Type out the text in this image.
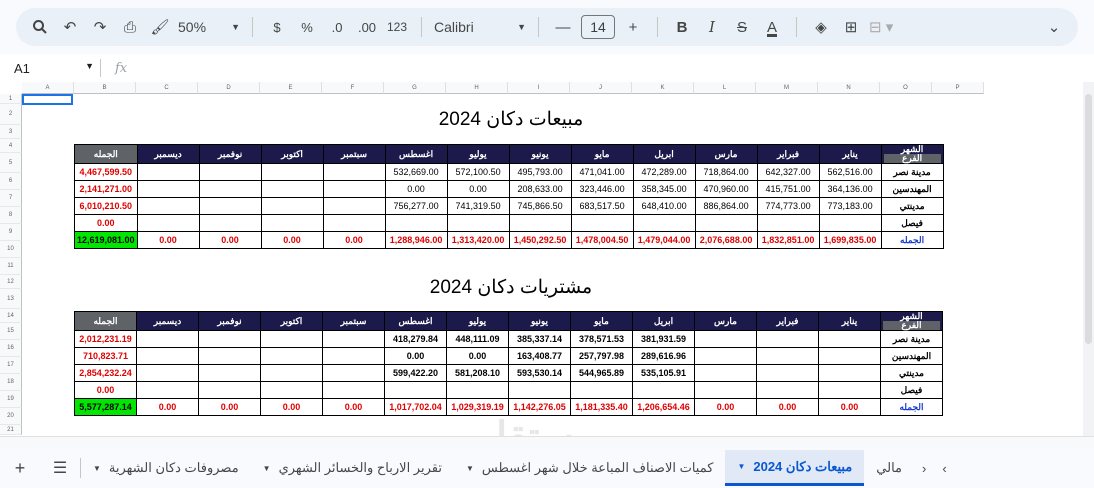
↶	↷	⎙ 🖌 50%	▼	$	%	.0	.00 123 Calibri	▼	—	14	+	B	I	S	A	◈	⊞ ⊟ ▾	⌄
A1	▼ fx
مبيعات دكان 2024
الجمله	ديسمبر	نوفمبر	اكتوبر	سبتمبر	اغسطس	يوليو	يونيو	مايو	ابريل	مارس	فبراير	يناير	الشهر
الفرع

4,467,599.50					532,669.00	572,100.50	495,793.00	471,041.00	472,289.00	718,864.00	642,327.00	562,516.00	مدينة نصر
2,141,271.00					0.00	0.00	208,633.00	323,446.00	358,345.00	470,960.00	415,751.00	364,136.00	المهندسين
6,010,210.50					756,277.00	741,319.50	745,866.50	683,517.50	648,410.00	886,864.00	774,773.00	773,183.00	مدينتي
0.00													فيصل
12,619,081.00	0.00	0.00	0.00	0.00	1,288,946.00	1,313,420.00	1,450,292.50	1,478,004.50	1,479,044.00	2,076,688.00	1,832,851.00	1,699,835.00	الجمله
مشتريات دكان 2024
الجمله	ديسمبر	نوفمبر	اكتوبر	سبتمبر	اغسطس	يوليو	يونيو	مايو	ابريل	مارس	فبراير	يناير	الشهر
الفرع

2,012,231.19					418,279.84	448,111.09	385,337.14	378,571.53	381,931.59				مدينة نصر
710,823.71					0.00	0.00	163,408.77	257,797.98	289,616.96				المهندسين
2,854,232.24					599,422.20	581,208.10	593,530.14	544,965.89	535,105.91				مدينتي
0.00													فيصل
5,577,287.14	0.00	0.00	0.00	0.00	1,017,702.04	1,029,319.19	1,142,276.05	1,181,335.40	1,206,654.46	0.00	0.00	0.00	الجمله
A	B	C	D	E	F	G	H	I	J	K	L	M	N	O	P
1
2
3
4
5
6
7
8
9
10
11
12
13
14
15
16
17
18
19
20
21
+	☰	مصروفات دكان الشهرية
▼	تقرير الارباح والخسائر الشهري
▼	كميات الاصناف المباعة خلال شهر اغسطس
▼	مبيعات دكان 2024
▼	مالي	‹	›
